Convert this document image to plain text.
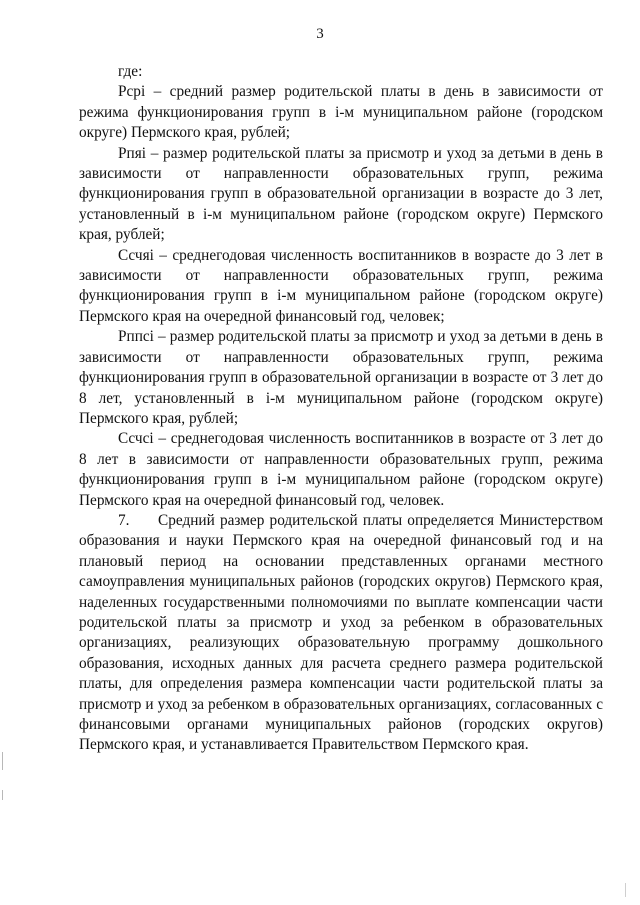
3

где:

Рсрi – средний размер родительской платы в день в зависимости от режима функционирования групп в i-м муниципальном районе (городском округе) Пермского края, рублей;

Рпяi – размер родительской платы за присмотр и уход за детьми в день в зависимости от направленности образовательных групп, режима функционирования групп в образовательной организации в возрасте до 3 лет, установленный в i-м муниципальном районе (городском округе) Пермского края, рублей;

Ссчяi – среднегодовая численность воспитанников в возрасте до 3 лет в зависимости от направленности образовательных групп, режима функционирования групп в i-м муниципальном районе (городском округе) Пермского края на очередной финансовый год, человек;

Рппсi – размер родительской платы за присмотр и уход за детьми в день в зависимости от направленности образовательных групп, режима функционирования групп в образовательной организации в возрасте от 3 лет до 8 лет, установленный в i-м муниципальном районе (городском округе) Пермского края, рублей;

Ссчсi – среднегодовая численность воспитанников в возрасте от 3 лет до 8 лет в зависимости от направленности образовательных групп, режима функционирования групп в i-м муниципальном районе (городском округе) Пермского края на очередной финансовый год, человек.

7. Средний размер родительской платы определяется Министерством образования и науки Пермского края на очередной финансовый год и на плановый период на основании представленных органами местного самоуправления муниципальных районов (городских округов) Пермского края, наделенных государственными полномочиями по выплате компенсации части родительской платы за присмотр и уход за ребенком в образовательных организациях, реализующих образовательную программу дошкольного образования, исходных данных для расчета среднего размера родительской платы, для определения размера компенсации части родительской платы за присмотр и уход за ребенком в образовательных организациях, согласованных с финансовыми органами муниципальных районов (городских округов) Пермского края, и устанавливается Правительством Пермского края.
